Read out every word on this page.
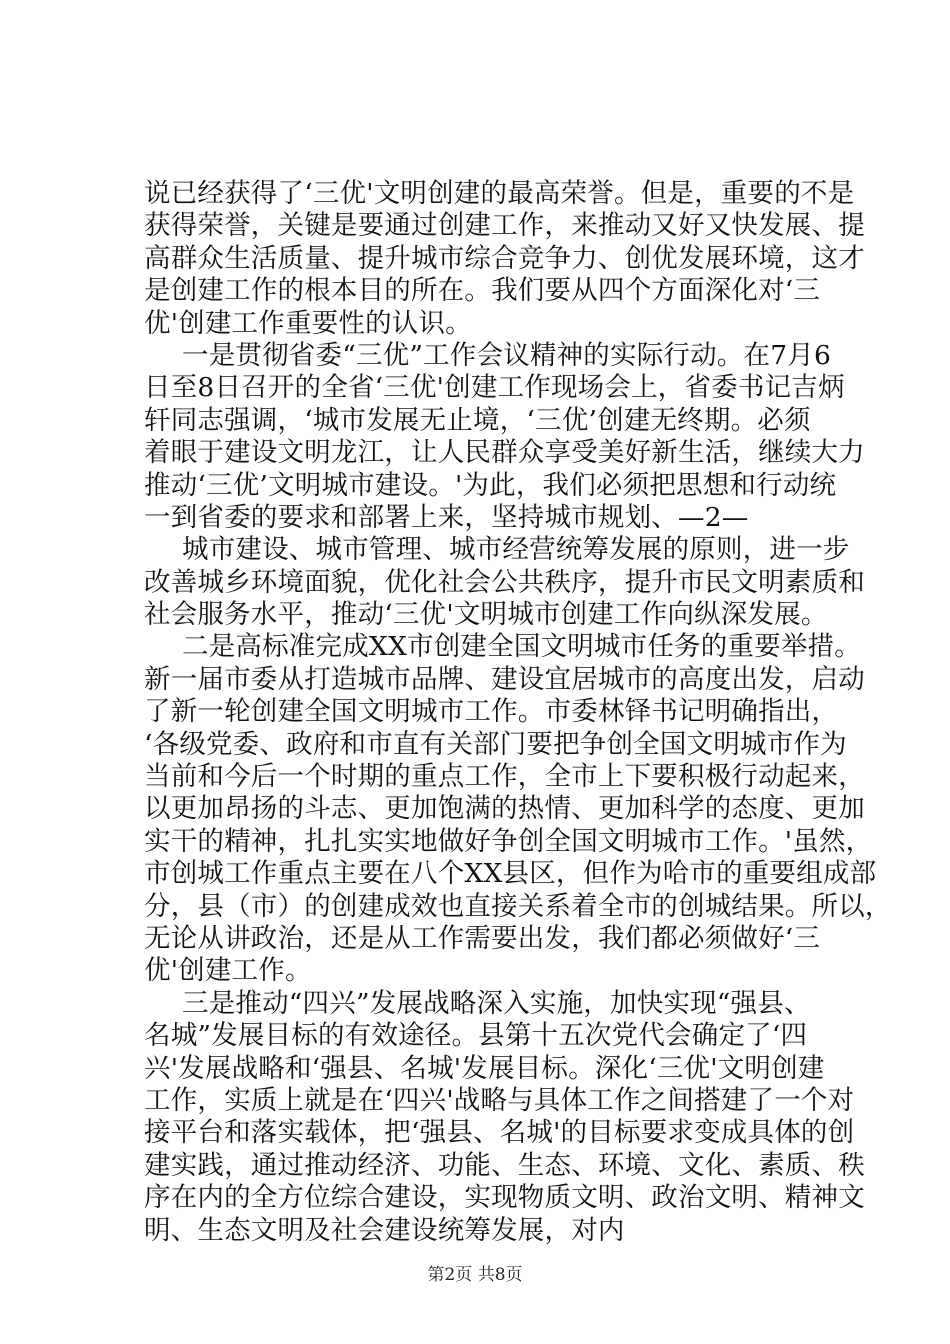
说已经获得了‘三优'文明创建的最高荣誉。但是，重要的不是
获得荣誉，关键是要通过创建工作，来推动又好又快发展、提
高群众生活质量、提升城市综合竞争力、创优发展环境，这才
是创建工作的根本目的所在。我们要从四个方面深化对‘三
优'创建工作重要性的认识。
一是贯彻省委“三优”工作会议精神的实际行动。在7月6
日至8日召开的全省‘三优'创建工作现场会上，省委书记吉炳
轩同志强调，‘城市发展无止境，‘三优’创建无终期。必须
着眼于建设文明龙江，让人民群众享受美好新生活，继续大力
推动‘三优’文明城市建设。'为此，我们必须把思想和行动统
一到省委的要求和部署上来，坚持城市规划、—2—
城市建设、城市管理、城市经营统筹发展的原则，进一步
改善城乡环境面貌，优化社会公共秩序，提升市民文明素质和
社会服务水平，推动‘三优'文明城市创建工作向纵深发展。
二是高标准完成XX市创建全国文明城市任务的重要举措。
新一届市委从打造城市品牌、建设宜居城市的高度出发，启动
了新一轮创建全国文明城市工作。市委林铎书记明确指出，
‘各级党委、政府和市直有关部门要把争创全国文明城市作为
当前和今后一个时期的重点工作，全市上下要积极行动起来，
以更加昂扬的斗志、更加饱满的热情、更加科学的态度、更加
实干的精神，扎扎实实地做好争创全国文明城市工作。'虽然，
市创城工作重点主要在八个XX县区，但作为哈市的重要组成部
分，县（市）的创建成效也直接关系着全市的创城结果。所以，
无论从讲政治，还是从工作需要出发，我们都必须做好‘三
优'创建工作。
三是推动“四兴”发展战略深入实施，加快实现“强县、
名城”发展目标的有效途径。县第十五次党代会确定了‘四
兴'发展战略和‘强县、名城'发展目标。深化‘三优'文明创建
工作，实质上就是在‘四兴'战略与具体工作之间搭建了一个对
接平台和落实载体，把‘强县、名城'的目标要求变成具体的创
建实践，通过推动经济、功能、生态、环境、文化、素质、秩
序在内的全方位综合建设，实现物质文明、政治文明、精神文
明、生态文明及社会建设统筹发展，对内
第2页 共8页
